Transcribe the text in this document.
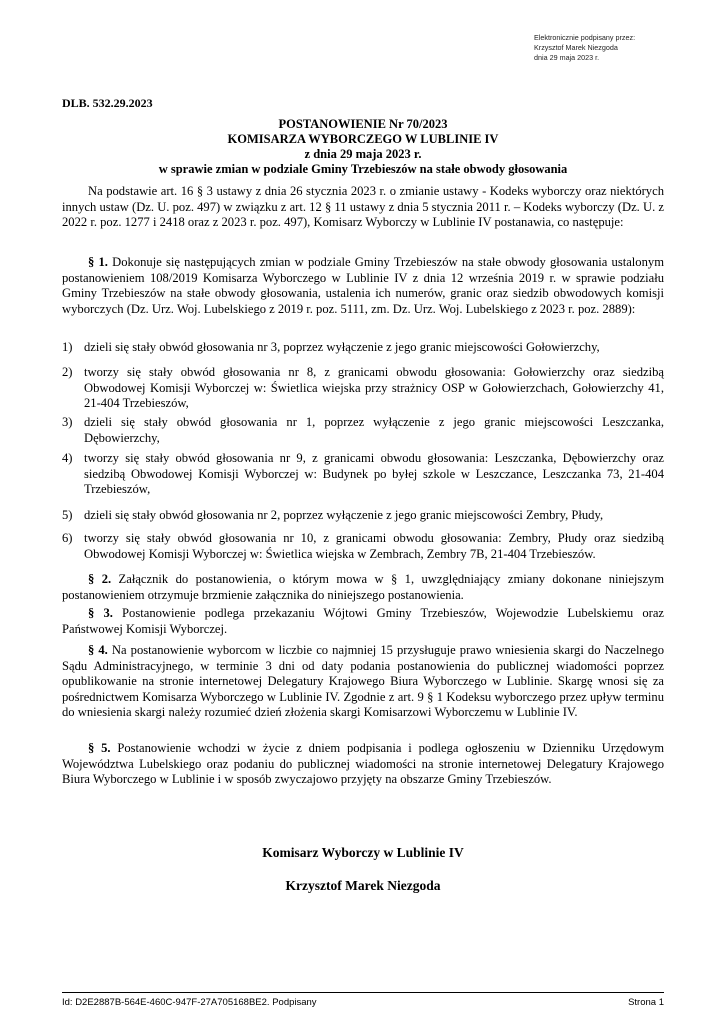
Elektronicznie podpisany przez:
Krzysztof Marek Niezgoda
dnia 29 maja 2023 r.
DLB. 532.29.2023
POSTANOWIENIE Nr 70/2023
KOMISARZA WYBORCZEGO W LUBLINIE IV
z dnia 29 maja 2023 r.
w sprawie zmian w podziale Gminy Trzebieszów na stałe obwody głosowania
Na podstawie art. 16 § 3 ustawy z dnia 26 stycznia 2023 r. o zmianie ustawy - Kodeks wyborczy oraz niektórych innych ustaw (Dz. U. poz. 497) w związku z art. 12 § 11 ustawy z dnia 5 stycznia 2011 r. – Kodeks wyborczy (Dz. U. z 2022 r. poz. 1277 i 2418 oraz z 2023 r. poz. 497), Komisarz Wyborczy w Lublinie IV postanawia, co następuje:
§ 1. Dokonuje się następujących zmian w podziale Gminy Trzebieszów na stałe obwody głosowania ustalonym postanowieniem 108/2019 Komisarza Wyborczego w Lublinie IV z dnia 12 września 2019 r. w sprawie podziału Gminy Trzebieszów na stałe obwody głosowania, ustalenia ich numerów, granic oraz siedzib obwodowych komisji wyborczych (Dz. Urz. Woj. Lubelskiego z 2019 r. poz. 5111, zm. Dz. Urz. Woj. Lubelskiego z 2023 r. poz. 2889):
1) dzieli się stały obwód głosowania nr 3, poprzez wyłączenie z jego granic miejscowości Gołowierzchy,
2) tworzy się stały obwód głosowania nr 8, z granicami obwodu głosowania: Gołowierzchy oraz siedzibą Obwodowej Komisji Wyborczej w: Świetlica wiejska przy strażnicy OSP w Gołowierzchach, Gołowierzchy 41, 21-404 Trzebieszów,
3) dzieli się stały obwód głosowania nr 1, poprzez wyłączenie z jego granic miejscowości Leszczanka, Dębowierzchy,
4) tworzy się stały obwód głosowania nr 9, z granicami obwodu głosowania: Leszczanka, Dębowierzchy oraz siedzibą Obwodowej Komisji Wyborczej w: Budynek po byłej szkole w Leszczance, Leszczanka 73, 21-404 Trzebieszów,
5) dzieli się stały obwód głosowania nr 2, poprzez wyłączenie z jego granic miejscowości Zembry, Płudy,
6) tworzy się stały obwód głosowania nr 10, z granicami obwodu głosowania: Zembry, Płudy oraz siedzibą Obwodowej Komisji Wyborczej w: Świetlica wiejska w Zembrach, Zembry 7B, 21-404 Trzebieszów.
§ 2. Załącznik do postanowienia, o którym mowa w § 1, uwzględniający zmiany dokonane niniejszym postanowieniem otrzymuje brzmienie załącznika do niniejszego postanowienia.
§ 3. Postanowienie podlega przekazaniu Wójtowi Gminy Trzebieszów, Wojewodzie Lubelskiemu oraz Państwowej Komisji Wyborczej.
§ 4. Na postanowienie wyborcom w liczbie co najmniej 15 przysługuje prawo wniesienia skargi do Naczelnego Sądu Administracyjnego, w terminie 3 dni od daty podania postanowienia do publicznej wiadomości poprzez opublikowanie na stronie internetowej Delegatury Krajowego Biura Wyborczego w Lublinie. Skargę wnosi się za pośrednictwem Komisarza Wyborczego w Lublinie IV. Zgodnie z art. 9 § 1 Kodeksu wyborczego przez upływ terminu do wniesienia skargi należy rozumieć dzień złożenia skargi Komisarzowi Wyborczemu w Lublinie IV.
§ 5. Postanowienie wchodzi w życie z dniem podpisania i podlega ogłoszeniu w Dzienniku Urzędowym Województwa Lubelskiego oraz podaniu do publicznej wiadomości na stronie internetowej Delegatury Krajowego Biura Wyborczego w Lublinie i w sposób zwyczajowo przyjęty na obszarze Gminy Trzebieszów.
Komisarz Wyborczy w Lublinie IV
Krzysztof Marek Niezgoda
Id: D2E2887B-564E-460C-947F-27A705168BE2. Podpisany	Strona 1
